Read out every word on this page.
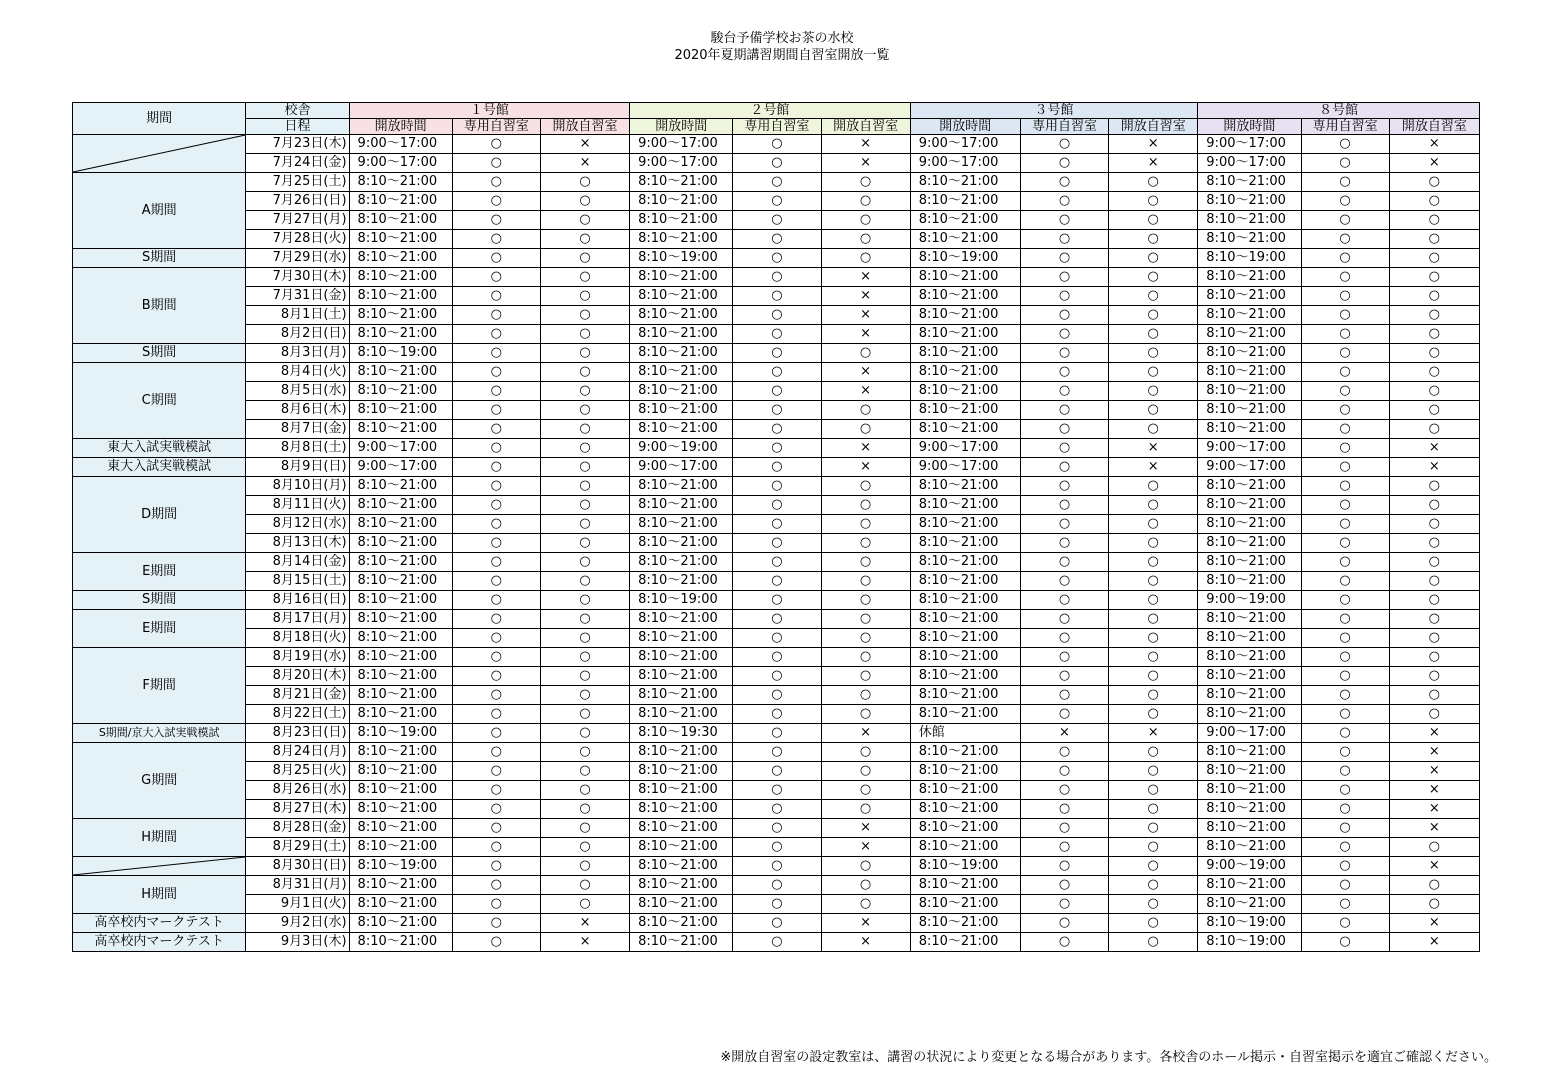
駿台予備学校お茶の水校
2020年夏期講習期間自習室開放一覧
期間	校舎	１号館			２号館			３号館			８号館		
	日程	開放時間	専用自習室	開放自習室	開放時間	専用自習室	開放自習室	開放時間	専用自習室	開放自習室	開放時間	専用自習室	開放自習室

	7月23日(木)	9:00～17:00	○	×	9:00～17:00	○	×	9:00～17:00	○	×	9:00～17:00	○	×
	7月24日(金)	9:00～17:00	○	×	9:00～17:00	○	×	9:00～17:00	○	×	9:00～17:00	○	×
A期間	7月25日(土)	8:10～21:00	○	○	8:10～21:00	○	○	8:10～21:00	○	○	8:10～21:00	○	○
	7月26日(日)	8:10～21:00	○	○	8:10～21:00	○	○	8:10～21:00	○	○	8:10～21:00	○	○
	7月27日(月)	8:10～21:00	○	○	8:10～21:00	○	○	8:10～21:00	○	○	8:10～21:00	○	○
	7月28日(火)	8:10～21:00	○	○	8:10～21:00	○	○	8:10～21:00	○	○	8:10～21:00	○	○
S期間	7月29日(水)	8:10～21:00	○	○	8:10～19:00	○	○	8:10～19:00	○	○	8:10～19:00	○	○
B期間	7月30日(木)	8:10～21:00	○	○	8:10～21:00	○	×	8:10～21:00	○	○	8:10～21:00	○	○
	7月31日(金)	8:10～21:00	○	○	8:10～21:00	○	×	8:10～21:00	○	○	8:10～21:00	○	○
	8月1日(土)	8:10～21:00	○	○	8:10～21:00	○	×	8:10～21:00	○	○	8:10～21:00	○	○
	8月2日(日)	8:10～21:00	○	○	8:10～21:00	○	×	8:10～21:00	○	○	8:10～21:00	○	○
S期間	8月3日(月)	8:10～19:00	○	○	8:10～21:00	○	○	8:10～21:00	○	○	8:10～21:00	○	○
C期間	8月4日(火)	8:10～21:00	○	○	8:10～21:00	○	×	8:10～21:00	○	○	8:10～21:00	○	○
	8月5日(水)	8:10～21:00	○	○	8:10～21:00	○	×	8:10～21:00	○	○	8:10～21:00	○	○
	8月6日(木)	8:10～21:00	○	○	8:10～21:00	○	○	8:10～21:00	○	○	8:10～21:00	○	○
	8月7日(金)	8:10～21:00	○	○	8:10～21:00	○	○	8:10～21:00	○	○	8:10～21:00	○	○
東大入試実戦模試	8月8日(土)	9:00～17:00	○	○	9:00～19:00	○	×	9:00～17:00	○	×	9:00～17:00	○	×
東大入試実戦模試	8月9日(日)	9:00～17:00	○	○	9:00～17:00	○	×	9:00～17:00	○	×	9:00～17:00	○	×
D期間	8月10日(月)	8:10～21:00	○	○	8:10～21:00	○	○	8:10～21:00	○	○	8:10～21:00	○	○
	8月11日(火)	8:10～21:00	○	○	8:10～21:00	○	○	8:10～21:00	○	○	8:10～21:00	○	○
	8月12日(水)	8:10～21:00	○	○	8:10～21:00	○	○	8:10～21:00	○	○	8:10～21:00	○	○
	8月13日(木)	8:10～21:00	○	○	8:10～21:00	○	○	8:10～21:00	○	○	8:10～21:00	○	○
E期間	8月14日(金)	8:10～21:00	○	○	8:10～21:00	○	○	8:10～21:00	○	○	8:10～21:00	○	○
	8月15日(土)	8:10～21:00	○	○	8:10～21:00	○	○	8:10～21:00	○	○	8:10～21:00	○	○
S期間	8月16日(日)	8:10～21:00	○	○	8:10～19:00	○	○	8:10～21:00	○	○	9:00～19:00	○	○
E期間	8月17日(月)	8:10～21:00	○	○	8:10～21:00	○	○	8:10～21:00	○	○	8:10～21:00	○	○
	8月18日(火)	8:10～21:00	○	○	8:10～21:00	○	○	8:10～21:00	○	○	8:10～21:00	○	○
F期間	8月19日(水)	8:10～21:00	○	○	8:10～21:00	○	○	8:10～21:00	○	○	8:10～21:00	○	○
	8月20日(木)	8:10～21:00	○	○	8:10～21:00	○	○	8:10～21:00	○	○	8:10～21:00	○	○
	8月21日(金)	8:10～21:00	○	○	8:10～21:00	○	○	8:10～21:00	○	○	8:10～21:00	○	○
	8月22日(土)	8:10～21:00	○	○	8:10～21:00	○	○	8:10～21:00	○	○	8:10～21:00	○	○
S期間/京大入試実戦模試	8月23日(日)	8:10～19:00	○	○	8:10～19:30	○	×	休館	×	×	9:00～17:00	○	×
G期間	8月24日(月)	8:10～21:00	○	○	8:10～21:00	○	○	8:10～21:00	○	○	8:10～21:00	○	×
	8月25日(火)	8:10～21:00	○	○	8:10～21:00	○	○	8:10～21:00	○	○	8:10～21:00	○	×
	8月26日(水)	8:10～21:00	○	○	8:10～21:00	○	○	8:10～21:00	○	○	8:10～21:00	○	×
	8月27日(木)	8:10～21:00	○	○	8:10～21:00	○	○	8:10～21:00	○	○	8:10～21:00	○	×
H期間	8月28日(金)	8:10～21:00	○	○	8:10～21:00	○	×	8:10～21:00	○	○	8:10～21:00	○	×
	8月29日(土)	8:10～21:00	○	○	8:10～21:00	○	×	8:10～21:00	○	○	8:10～21:00	○	○

	8月30日(日)	8:10～19:00	○	○	8:10～21:00	○	○	8:10～19:00	○	○	9:00～19:00	○	×
H期間	8月31日(月)	8:10～21:00	○	○	8:10～21:00	○	○	8:10～21:00	○	○	8:10～21:00	○	○
	9月1日(火)	8:10～21:00	○	○	8:10～21:00	○	○	8:10～21:00	○	○	8:10～21:00	○	○
高卒校内マークテスト	9月2日(水)	8:10～21:00	○	×	8:10～21:00	○	×	8:10～21:00	○	○	8:10～19:00	○	×
高卒校内マークテスト	9月3日(木)	8:10～21:00	○	×	8:10～21:00	○	×	8:10～21:00	○	○	8:10～19:00	○	×
※開放自習室の設定教室は、講習の状況により変更となる場合があります。各校舎のホール掲示・自習室掲示を適宜ご確認ください。
